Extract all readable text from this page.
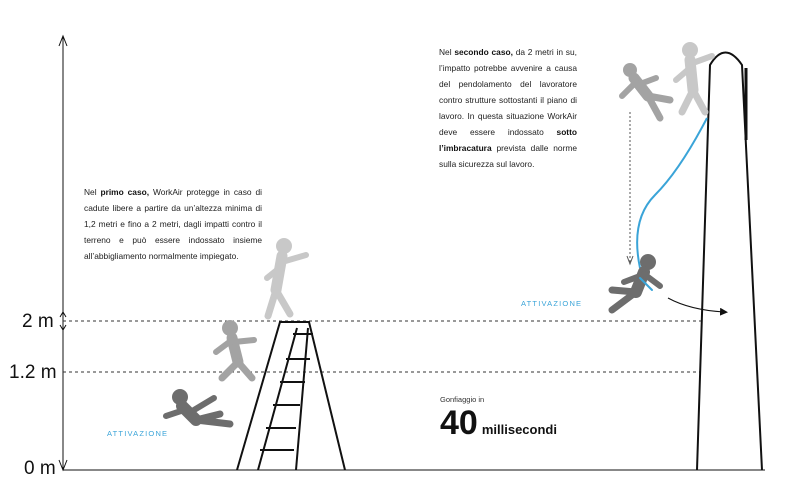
2 m
1.2 m
0 m
Nel primo caso, WorkAir protegge in caso di cadute libere a partire da un’altezza minima di 1,2 metri e fino a 2 metri, dagli impatti contro il terreno e può essere indossato insieme all’abbigliamento normalmente impiegato.
Nel secondo caso, da 2 metri in su, l’impatto potrebbe avvenire a causa del pendolamento del lavoratore contro strutture sottostanti il piano di lavoro. In questa situazione WorkAir deve essere indossato sotto l’imbracatura prevista dalle norme sulla sicurezza sul lavoro.
ATTIVAZIONE
ATTIVAZIONE
Gonfiaggio in
40 millisecondi
